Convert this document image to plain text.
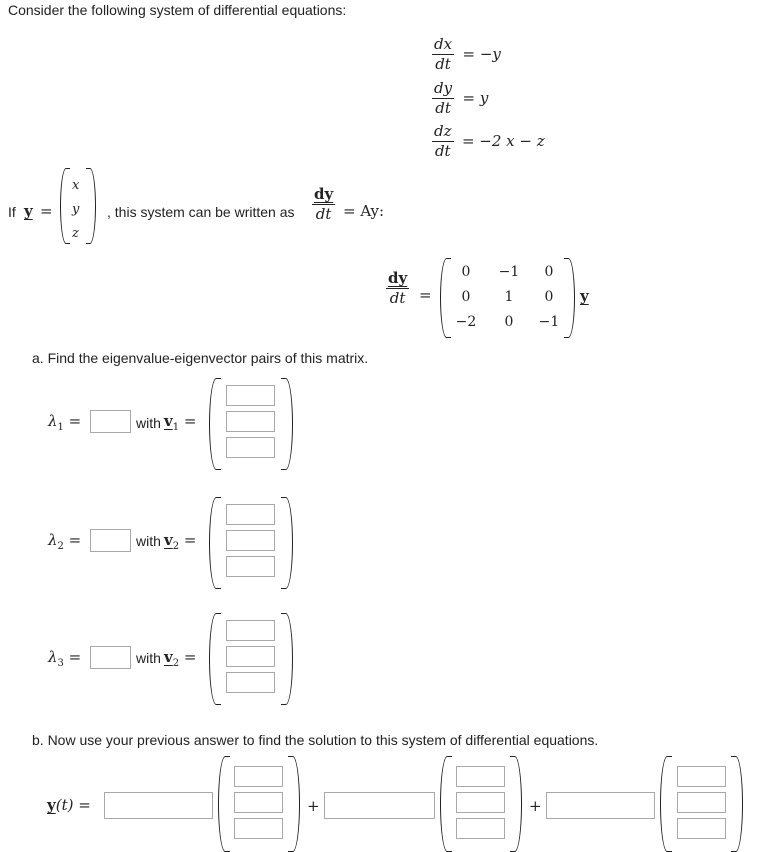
Consider the following system of differential equations:
$\frac{dx}{dt} = -y$
$\frac{dy}{dt} = y$
$\frac{dz}{dt} = -2$ x − z
If y =
x
y
z
, this system can be written as $\frac{dy}{dt} = Ay$:
$\frac{dy}{dt}$ =
0	−1	0
0	1	0
−2	0	−1
y
a. Find the eigenvalue-eigenvector pairs of this matrix.
$\lambda_1$ =	with $v_1$ =
$\lambda_2$ =	with $v_2$ =
$\lambda_3$ =	with $v_2$ =
b. Now use your previous answer to find the solution to this system of differential equations.
y(t) =	+	+
